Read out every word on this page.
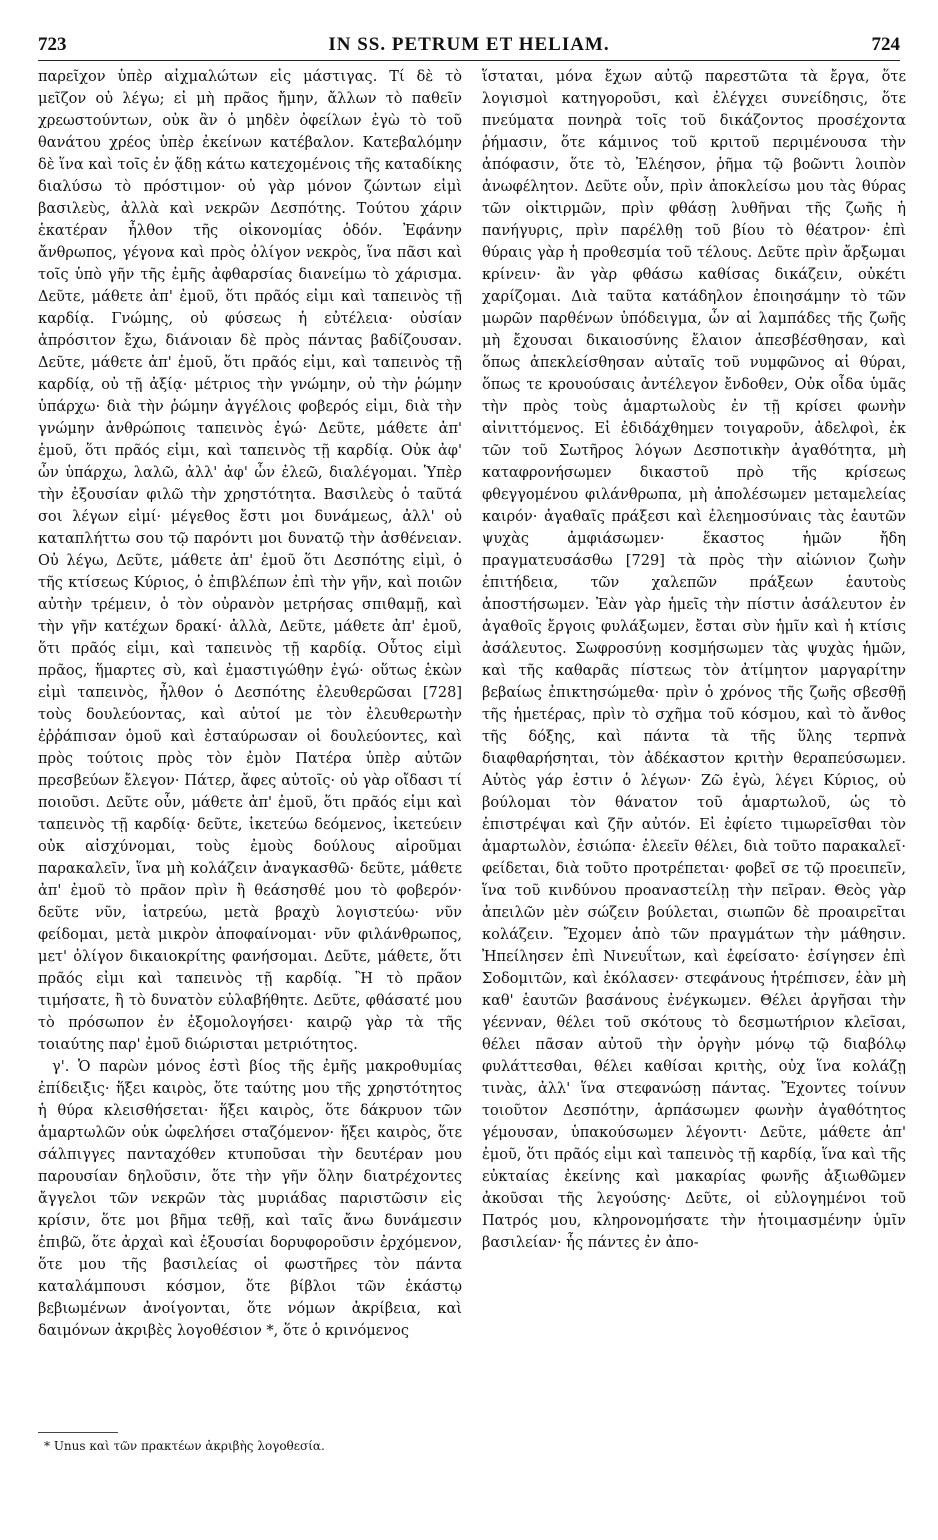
723	IN SS. PETRUM ET HELIAM.	724

παρεῖχον ὑπὲρ αἰχμαλώτων εἰς μάστιγας. Τί δὲ τὸ μεῖζον οὐ λέγω; εἰ μὴ πρᾶος ἤμην, ἄλλων τὸ παθεῖν χρεωστούντων, οὐκ ἂν ὁ μηδὲν ὀφείλων ἐγὼ τὸ τοῦ θανάτου χρέος ὑπὲρ ἐκείνων κατέβαλον. Κατεβαλόμην δὲ ἵνα καὶ τοῖς ἐν ᾅδῃ κάτω κατεχομένοις τῆς καταδίκης διαλύσω τὸ πρόστιμον· οὐ γὰρ μόνον ζώντων εἰμὶ βασιλεὺς, ἀλλὰ καὶ νεκρῶν Δεσπότης. Τούτου χάριν ἑκατέραν ἦλθον τῆς οἰκονομίας ὁδόν. Ἐφάνην ἄνθρωπος, γέγονα καὶ πρὸς ὀλίγον νεκρὸς, ἵνα πᾶσι καὶ τοῖς ὑπὸ γῆν τῆς ἐμῆς ἀφθαρσίας διανείμω τὸ χάρισμα. Δεῦτε, μάθετε ἀπ' ἐμοῦ, ὅτι πρᾶός εἰμι καὶ ταπεινὸς τῇ καρδίᾳ. Γνώμης, οὐ φύσεως ἡ εὐτέλεια· οὐσίαν ἀπρόσιτον ἔχω, διάνοιαν δὲ πρὸς πάντας βαδίζουσαν. Δεῦτε, μάθετε ἀπ' ἐμοῦ, ὅτι πρᾶός εἰμι, καὶ ταπεινὸς τῇ καρδίᾳ, οὐ τῇ ἀξίᾳ· μέτριος τὴν γνώμην, οὐ τὴν ῥώμην ὑπάρχω· διὰ τὴν ῥώμην ἀγγέλοις φοβερός εἰμι, διὰ τὴν γνώμην ἀνθρώποις ταπεινὸς ἐγώ· Δεῦτε, μάθετε ἀπ' ἐμοῦ, ὅτι πρᾶός εἰμι, καὶ ταπεινὸς τῇ καρδίᾳ. Οὐκ ἀφ' ὧν ὑπάρχω, λαλῶ, ἀλλ' ἀφ' ὧν ἐλεῶ, διαλέγομαι. Ὑπὲρ τὴν ἐξουσίαν φιλῶ τὴν χρηστότητα. Βασιλεὺς ὁ ταῦτά σοι λέγων εἰμί· μέγεθος ἔστι μοι δυνάμεως, ἀλλ' οὐ καταπλήττω σου τῷ παρόντι μοι δυνατῷ τὴν ἀσθένειαν. Οὐ λέγω, Δεῦτε, μάθετε ἀπ' ἐμοῦ ὅτι Δεσπότης εἰμὶ, ὁ τῆς κτίσεως Κύριος, ὁ ἐπιβλέπων ἐπὶ τὴν γῆν, καὶ ποιῶν αὐτὴν τρέμειν, ὁ τὸν οὐρανὸν μετρήσας σπιθαμῇ, καὶ τὴν γῆν κατέχων δρακί· ἀλλὰ, Δεῦτε, μάθετε ἀπ' ἐμοῦ, ὅτι πρᾶός εἰμι, καὶ ταπεινὸς τῇ καρδίᾳ. Οὗτος εἰμὶ πρᾶος, ἥμαρτες σὺ, καὶ ἐμαστιγώθην ἐγώ· οὕτως ἑκὼν εἰμὶ ταπεινὸς, ἦλθον ὁ Δεσπότης ἐλευθερῶσαι [728] τοὺς δουλεύοντας, καὶ αὐτοί με τὸν ἐλευθερωτὴν ἐῤῥάπισαν ὁμοῦ καὶ ἐσταύρωσαν οἱ δουλεύοντες, καὶ πρὸς τούτοις πρὸς τὸν ἐμὸν Πατέρα ὑπὲρ αὐτῶν πρεσβεύων ἔλεγον· Πάτερ, ἄφες αὐτοῖς· οὐ γὰρ οἴδασι τί ποιοῦσι. Δεῦτε οὖν, μάθετε ἀπ' ἐμοῦ, ὅτι πρᾶός εἰμι καὶ ταπεινὸς τῇ καρδίᾳ· δεῦτε, ἱκετεύω δεόμενος, ἱκετεύειν οὐκ αἰσχύνομαι, τοὺς ἐμοὺς δούλους αἱροῦμαι παρακαλεῖν, ἵνα μὴ κολάζειν ἀναγκασθῶ· δεῦτε, μάθετε ἀπ' ἐμοῦ τὸ πρᾶον πρὶν ἢ θεάσησθέ μου τὸ φοβερόν· δεῦτε νῦν, ἰατρεύω, μετὰ βραχὺ λογιστεύω· νῦν φείδομαι, μετὰ μικρὸν ἀποφαίνομαι· νῦν φιλάνθρωπος, μετ' ὀλίγον δικαιοκρίτης φανήσομαι. Δεῦτε, μάθετε, ὅτι πρᾶός εἰμι καὶ ταπεινὸς τῇ καρδίᾳ. Ἢ τὸ πρᾶον τιμήσατε, ἢ τὸ δυνατὸν εὐλαβήθητε. Δεῦτε, φθάσατέ μου τὸ πρόσωπον ἐν ἐξομολογήσει· καιρῷ γὰρ τὰ τῆς τοιαύτης παρ' ἐμοῦ διώρισται μετριότητος.

γ'. Ὁ παρὼν μόνος ἐστὶ βίος τῆς ἐμῆς μακροθυμίας ἐπίδειξις· ἥξει καιρὸς, ὅτε ταύτης μου τῆς χρηστότητος ἡ θύρα κλεισθήσεται· ἥξει καιρὸς, ὅτε δάκρυον τῶν ἁμαρτωλῶν οὐκ ὠφελήσει σταζόμενον· ἥξει καιρὸς, ὅτε σάλπιγγες πανταχόθεν κτυποῦσαι τὴν δευτέραν μου παρουσίαν δηλοῦσιν, ὅτε τὴν γῆν ὅλην διατρέχοντες ἄγγελοι τῶν νεκρῶν τὰς μυριάδας παριστῶσιν εἰς κρίσιν, ὅτε μοι βῆμα τεθῇ, καὶ ταῖς ἄνω δυνάμεσιν ἐπιβῶ, ὅτε ἀρχαὶ καὶ ἐξουσίαι δορυφοροῦσιν ἐρχόμενον, ὅτε μου τῆς βασιλείας οἱ φωστῆρες τὸν πάντα καταλάμπουσι κόσμον, ὅτε βίβλοι τῶν ἑκάστῳ βεβιωμένων ἀνοίγονται, ὅτε νόμων ἀκρίβεια, καὶ δαιμόνων ἀκριβὲς λογοθέσιον *, ὅτε ὁ κρινόμενος

ἵσταται, μόνα ἔχων αὐτῷ παρεστῶτα τὰ ἔργα, ὅτε λογισμοὶ κατηγοροῦσι, καὶ ἐλέγχει συνείδησις, ὅτε πνεύματα πονηρὰ τοῖς τοῦ δικάζοντος προσέχοντα ῥήμασιν, ὅτε κάμινος τοῦ κριτοῦ περιμένουσα τὴν ἀπόφασιν, ὅτε τὸ, Ἐλέησον, ῥῆμα τῷ βοῶντι λοιπὸν ἀνωφέλητον. Δεῦτε οὖν, πρὶν ἀποκλείσω μου τὰς θύρας τῶν οἰκτιρμῶν, πρὶν φθάσῃ λυθῆναι τῆς ζωῆς ἡ πανήγυρις, πρὶν παρέλθῃ τοῦ βίου τὸ θέατρον· ἐπὶ θύραις γὰρ ἡ προθεσμία τοῦ τέλους. Δεῦτε πρὶν ἄρξωμαι κρίνειν· ἂν γὰρ φθάσω καθίσας δικάζειν, οὐκέτι χαρίζομαι. Διὰ ταῦτα κατάδηλον ἐποιησάμην τὸ τῶν μωρῶν παρθένων ὑπόδειγμα, ὧν αἱ λαμπάδες τῆς ζωῆς μὴ ἔχουσαι δικαιοσύνης ἔλαιον ἀπεσβέσθησαν, καὶ ὅπως ἀπεκλείσθησαν αὐταῖς τοῦ νυμφῶνος αἱ θύραι, ὅπως τε κρουούσαις ἀντέλεγον ἔνδοθεν, Οὐκ οἶδα ὑμᾶς τὴν πρὸς τοὺς ἁμαρτωλοὺς ἐν τῇ κρίσει φωνὴν αἰνιττόμενος. Εἰ ἐδιδάχθημεν τοιγαροῦν, ἀδελφοὶ, ἐκ τῶν τοῦ Σωτῆρος λόγων Δεσποτικὴν ἀγαθότητα, μὴ καταφρονήσωμεν δικαστοῦ πρὸ τῆς κρίσεως φθεγγομένου φιλάνθρωπα, μὴ ἀπολέσωμεν μεταμελείας καιρόν· ἀγαθαῖς πράξεσι καὶ ἐλεημοσύναις τὰς ἑαυτῶν ψυχὰς ἀμφιάσωμεν· ἕκαστος ἡμῶν ἤδη πραγματευσάσθω [729] τὰ πρὸς τὴν αἰώνιον ζωὴν ἐπιτήδεια, τῶν χαλεπῶν πράξεων ἑαυτοὺς ἀποστήσωμεν. Ἐὰν γὰρ ἡμεῖς τὴν πίστιν ἀσάλευτον ἐν ἀγαθοῖς ἔργοις φυλάξωμεν, ἔσται σὺν ἡμῖν καὶ ἡ κτίσις ἀσάλευτος. Σωφροσύνῃ κοσμήσωμεν τὰς ψυχὰς ἡμῶν, καὶ τῆς καθαρᾶς πίστεως τὸν ἀτίμητον μαργαρίτην βεβαίως ἐπικτησώμεθα· πρὶν ὁ χρόνος τῆς ζωῆς σβεσθῇ τῆς ἡμετέρας, πρὶν τὸ σχῆμα τοῦ κόσμου, καὶ τὸ ἄνθος τῆς δόξης, καὶ πάντα τὰ τῆς ὕλης τερπνὰ διαφθαρήσηται, τὸν ἀδέκαστον κριτὴν θεραπεύσωμεν. Αὐτὸς γάρ ἐστιν ὁ λέγων· Ζῶ ἐγὼ, λέγει Κύριος, οὐ βούλομαι τὸν θάνατον τοῦ ἁμαρτωλοῦ, ὡς τὸ ἐπιστρέψαι καὶ ζῆν αὐτόν. Εἰ ἐφίετο τιμωρεῖσθαι τὸν ἁμαρτωλὸν, ἐσιώπα· ἐλεεῖν θέλει, διὰ τοῦτο παρακαλεῖ· φείδεται, διὰ τοῦτο προτρέπεται· φοβεῖ σε τῷ προειπεῖν, ἵνα τοῦ κινδύνου προαναστείλῃ τὴν πεῖραν. Θεὸς γὰρ ἀπειλῶν μὲν σώζειν βούλεται, σιωπῶν δὲ προαιρεῖται κολάζειν. Ἔχομεν ἀπὸ τῶν πραγμάτων τὴν μάθησιν. Ἠπείλησεν ἐπὶ Νινευΐτων, καὶ ἐφείσατο· ἐσίγησεν ἐπὶ Σοδομιτῶν, καὶ ἐκόλασεν· στεφάνους ἡτρέπισεν, ἐὰν μὴ καθ' ἑαυτῶν βασάνους ἐνέγκωμεν. Θέλει ἀργῆσαι τὴν γέενναν, θέλει τοῦ σκότους τὸ δεσμωτήριον κλεῖσαι, θέλει πᾶσαν αὐτοῦ τὴν ὀργὴν μόνῳ τῷ διαβόλῳ φυλάττεσθαι, θέλει καθίσαι κριτὴς, οὐχ ἵνα κολάζῃ τινὰς, ἀλλ' ἵνα στεφανώσῃ πάντας. Ἔχοντες τοίνυν τοιοῦτον Δεσπότην, ἁρπάσωμεν φωνὴν ἀγαθότητος γέμουσαν, ὑπακούσωμεν λέγοντι· Δεῦτε, μάθετε ἀπ' ἐμοῦ, ὅτι πρᾶός εἰμι καὶ ταπεινὸς τῇ καρδίᾳ, ἵνα καὶ τῆς εὐκταίας ἐκείνης καὶ μακαρίας φωνῆς ἀξιωθῶμεν ἀκοῦσαι τῆς λεγούσης· Δεῦτε, οἱ εὐλογημένοι τοῦ Πατρός μου, κληρονομήσατε τὴν ἡτοιμασμένην ὑμῖν βασιλείαν· ἧς πάντες ἐν ἀπο-

* Unus καὶ τῶν πρακτέων ἀκριβὴς λογοθεσία.
